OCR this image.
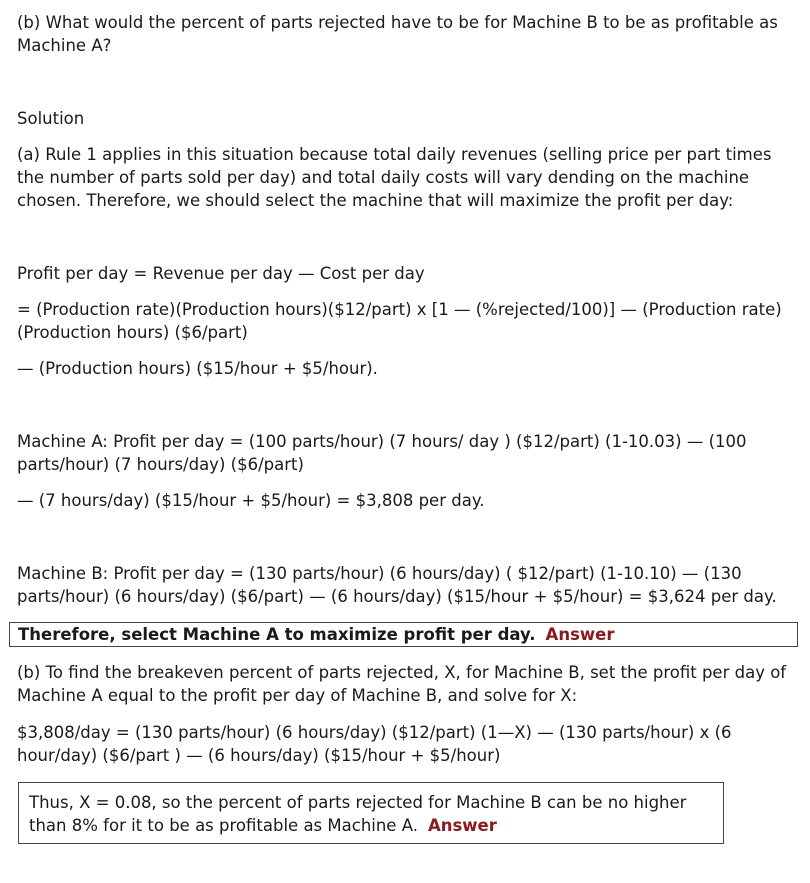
(b) What would the percent of parts rejected have to be for Machine B to be as profitable as Machine A?

Solution

(a) Rule 1 applies in this situation because total daily revenues (selling price per part times the number of parts sold per day) and total daily costs will vary dending on the machine chosen. Therefore, we should select the machine that will maximize the profit per day:

Profit per day = Revenue per day — Cost per day

= (Production rate)(Production hours)($12/part) x [1 — (%rejected/100)] — (Production rate) (Production hours) ($6/part)

— (Production hours) ($15/hour + $5/hour).

Machine A: Profit per day = (100 parts/hour) (7 hours/ day ) ($12/part) (1-10.03) — (100 parts/hour) (7 hours/day) ($6/part)

— (7 hours/day) ($15/hour + $5/hour) = $3,808 per day.

Machine B: Profit per day = (130 parts/hour) (6 hours/day) ( $12/part) (1-10.10) — (130 parts/hour) (6 hours/day) ($6/part) — (6 hours/day) ($15/hour + $5/hour) = $3,624 per day.

Therefore, select Machine A to maximize profit per day. Answer

(b) To find the breakeven percent of parts rejected, X, for Machine B, set the profit per day of Machine A equal to the profit per day of Machine B, and solve for X:

$3,808/day = (130 parts/hour) (6 hours/day) ($12/part) (1—X) — (130 parts/hour) x (6 hour/day) ($6/part ) — (6 hours/day) ($15/hour + $5/hour)

Thus, X = 0.08, so the percent of parts rejected for Machine B can be no higher than 8% for it to be as profitable as Machine A. Answer
